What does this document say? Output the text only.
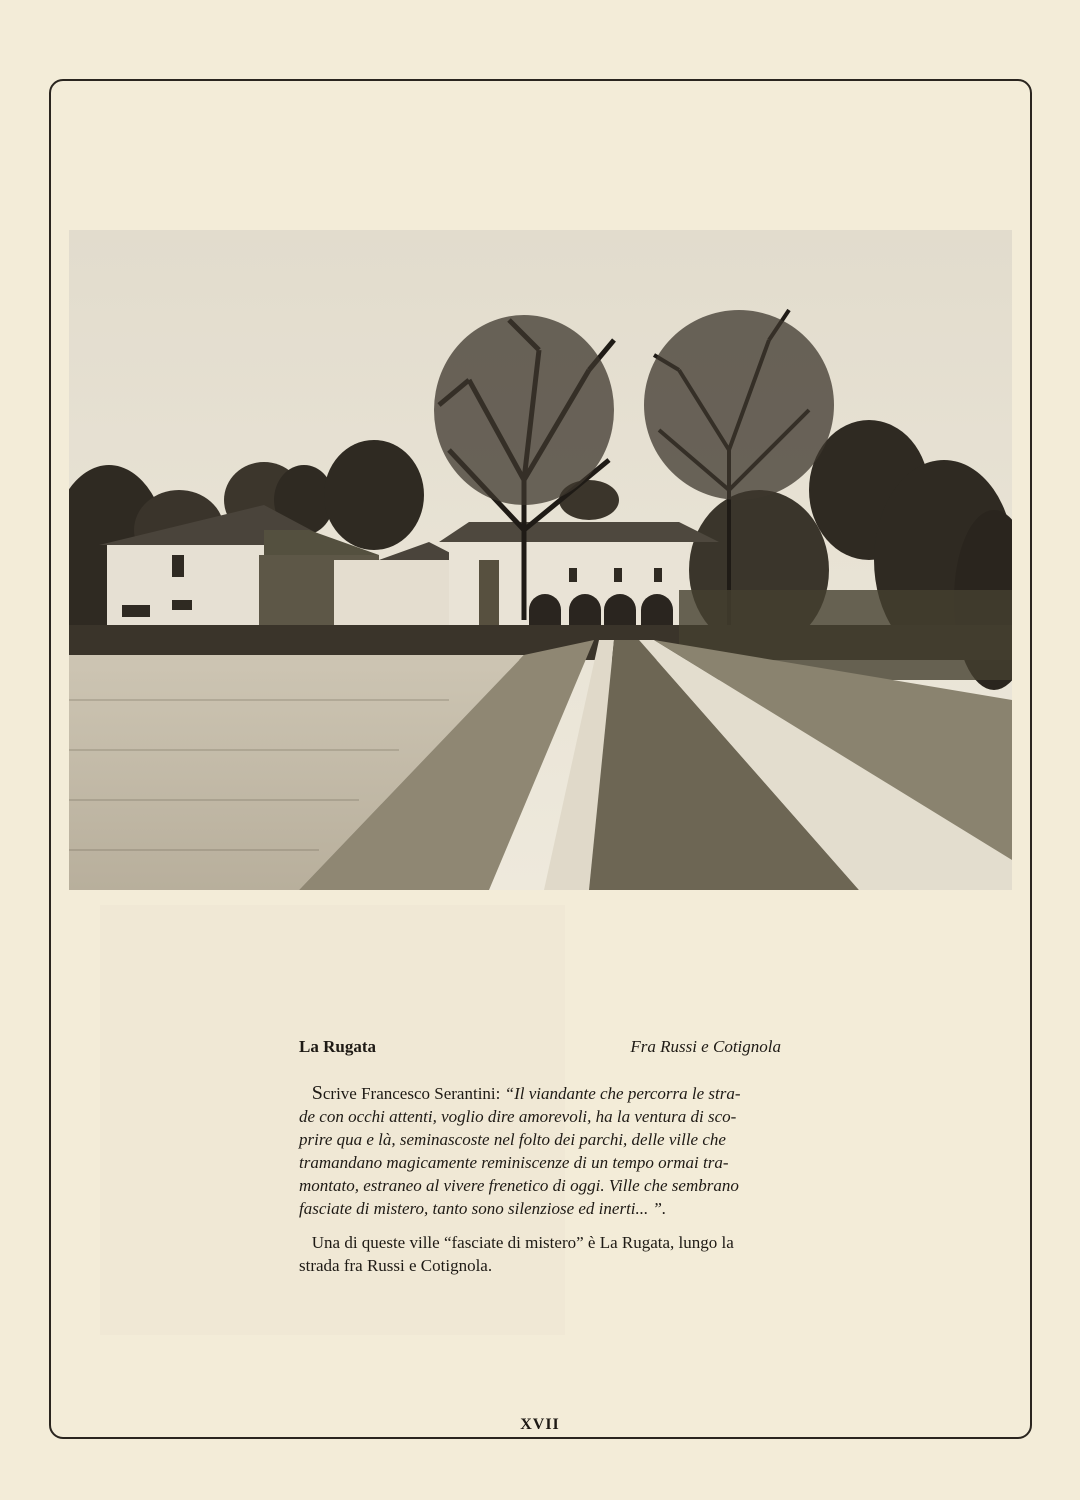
La Rugata	Fra Russi e Cotignola
Scrive Francesco Serantini: “Il viandante che percorra le stra-
de con occhi attenti, voglio dire amorevoli, ha la ventura di sco-
prire qua e là, seminascoste nel folto dei parchi, delle ville che
tramandano magicamente reminiscenze di un tempo ormai tra-
montato, estraneo al vivere frenetico di oggi. Ville che sembrano
fasciate di mistero, tanto sono silenziose ed inerti... ”.
Una di queste ville “fasciate di mistero” è La Rugata, lungo la
strada fra Russi e Cotignola.
XVII
